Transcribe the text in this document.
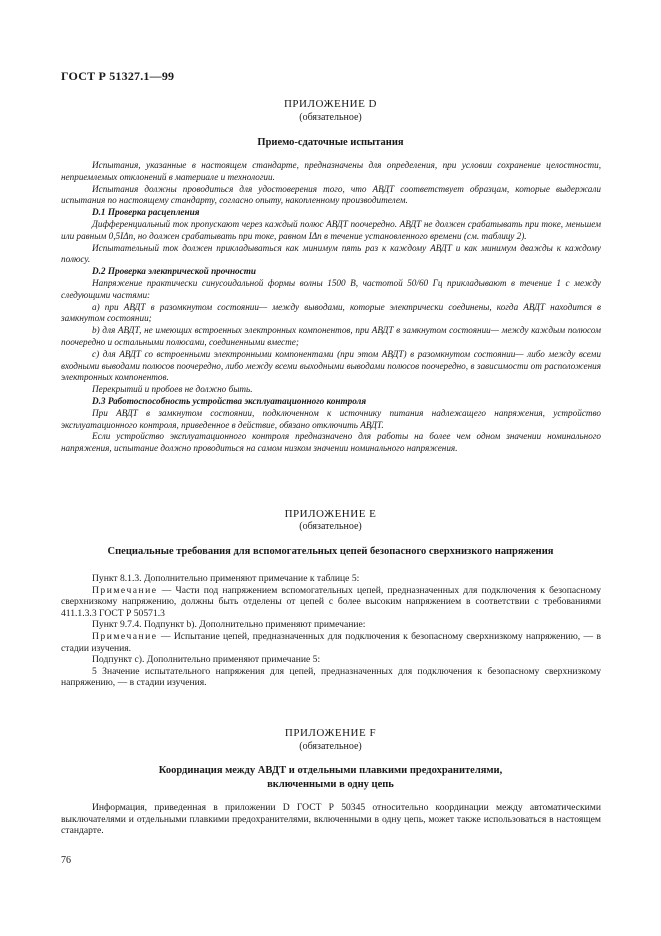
ГОСТ Р 51327.1—99
ПРИЛОЖЕНИЕ D
(обязательное)
Приемо-сдаточные испытания

Испытания, указанные в настоящем стандарте, предназначены для определения, при условии сохранение целостности, неприемлемых отклонений в материале и технологии.

Испытания должны проводиться для удостоверения того, что АВДТ соответствует образцам, которые выдержали испытания по настоящему стандарту, согласно опыту, накопленному производителем.

D.1 Проверка расцепления

Дифференциальный ток пропускают через каждый полюс АВДТ поочередно. АВДТ не должен срабатывать при токе, меньшем или равным 0,5IΔn, но должен срабатывать при токе, равном IΔn в течение установленного времени (см. таблицу 2).

Испытательный ток должен прикладываться как минимум пять раз к каждому АВДТ и как минимум дважды к каждому полюсу.

D.2 Проверка электрической прочности

Напряжение практически синусоидальной формы волны 1500 В, частотой 50/60 Гц прикладывают в течение 1 с между следующими частями:

а) при АВДТ в разомкнутом состоянии— между выводами, которые электрически соединены, когда АВДТ находится в замкнутом состоянии;

b) для АВДТ, не имеющих встроенных электронных компонентов, при АВДТ в замкнутом состоянии— между каждым полюсом поочередно и остальными полюсами, соединенными вместе;

с) для АВДТ со встроенными электронными компонентами (при этом АВДТ) в разомкнутом состоянии— либо между всеми входными выводами полюсов поочередно, либо между всеми выходными выводами полюсов поочередно, в зависимости от расположения электронных компонентов.

Перекрытий и пробоев не должно быть.

D.3 Работоспособность устройства эксплуатационного контроля

При АВДТ в замкнутом состоянии, подключенном к источнику питания надлежащего напряжения, устройство эксплуатационного контроля, приведенное в действие, обязано отключить АВДТ.

Если устройство эксплуатационного контроля предназначено для работы на более чем одном значении номинального напряжения, испытание должно проводиться на самом низком значении номинального напряжения.

ПРИЛОЖЕНИЕ Е
(обязательное)
Специальные требования для вспомогательных цепей безопасного сверхнизкого напряжения

Пункт 8.1.3. Дополнительно применяют примечание к таблице 5:

Примечание — Части под напряжением вспомогательных цепей, предназначенных для подключения к безопасному сверхнизкому напряжению, должны быть отделены от цепей с более высоким напряжением в соответствии с требованиями 411.1.3.3 ГОСТ Р 50571.3

Пункт 9.7.4. Подпункт b). Дополнительно применяют примечание:

Примечание — Испытание цепей, предназначенных для подключения к безопасному сверхнизкому напряжению, — в стадии изучения.

Подпункт с). Дополнительно применяют примечание 5:

5 Значение испытательного напряжения для цепей, предназначенных для подключения к безопасному сверхнизкому напряжению, — в стадии изучения.

ПРИЛОЖЕНИЕ F
(обязательное)
Координация между АВДТ и отдельными плавкими предохранителями,
включенными в одну цепь

Информация, приведенная в приложении D ГОСТ Р 50345 относительно координации между автоматическими выключателями и отдельными плавкими предохранителями, включенными в одну цепь, может также использоваться в настоящем стандарте.

76
